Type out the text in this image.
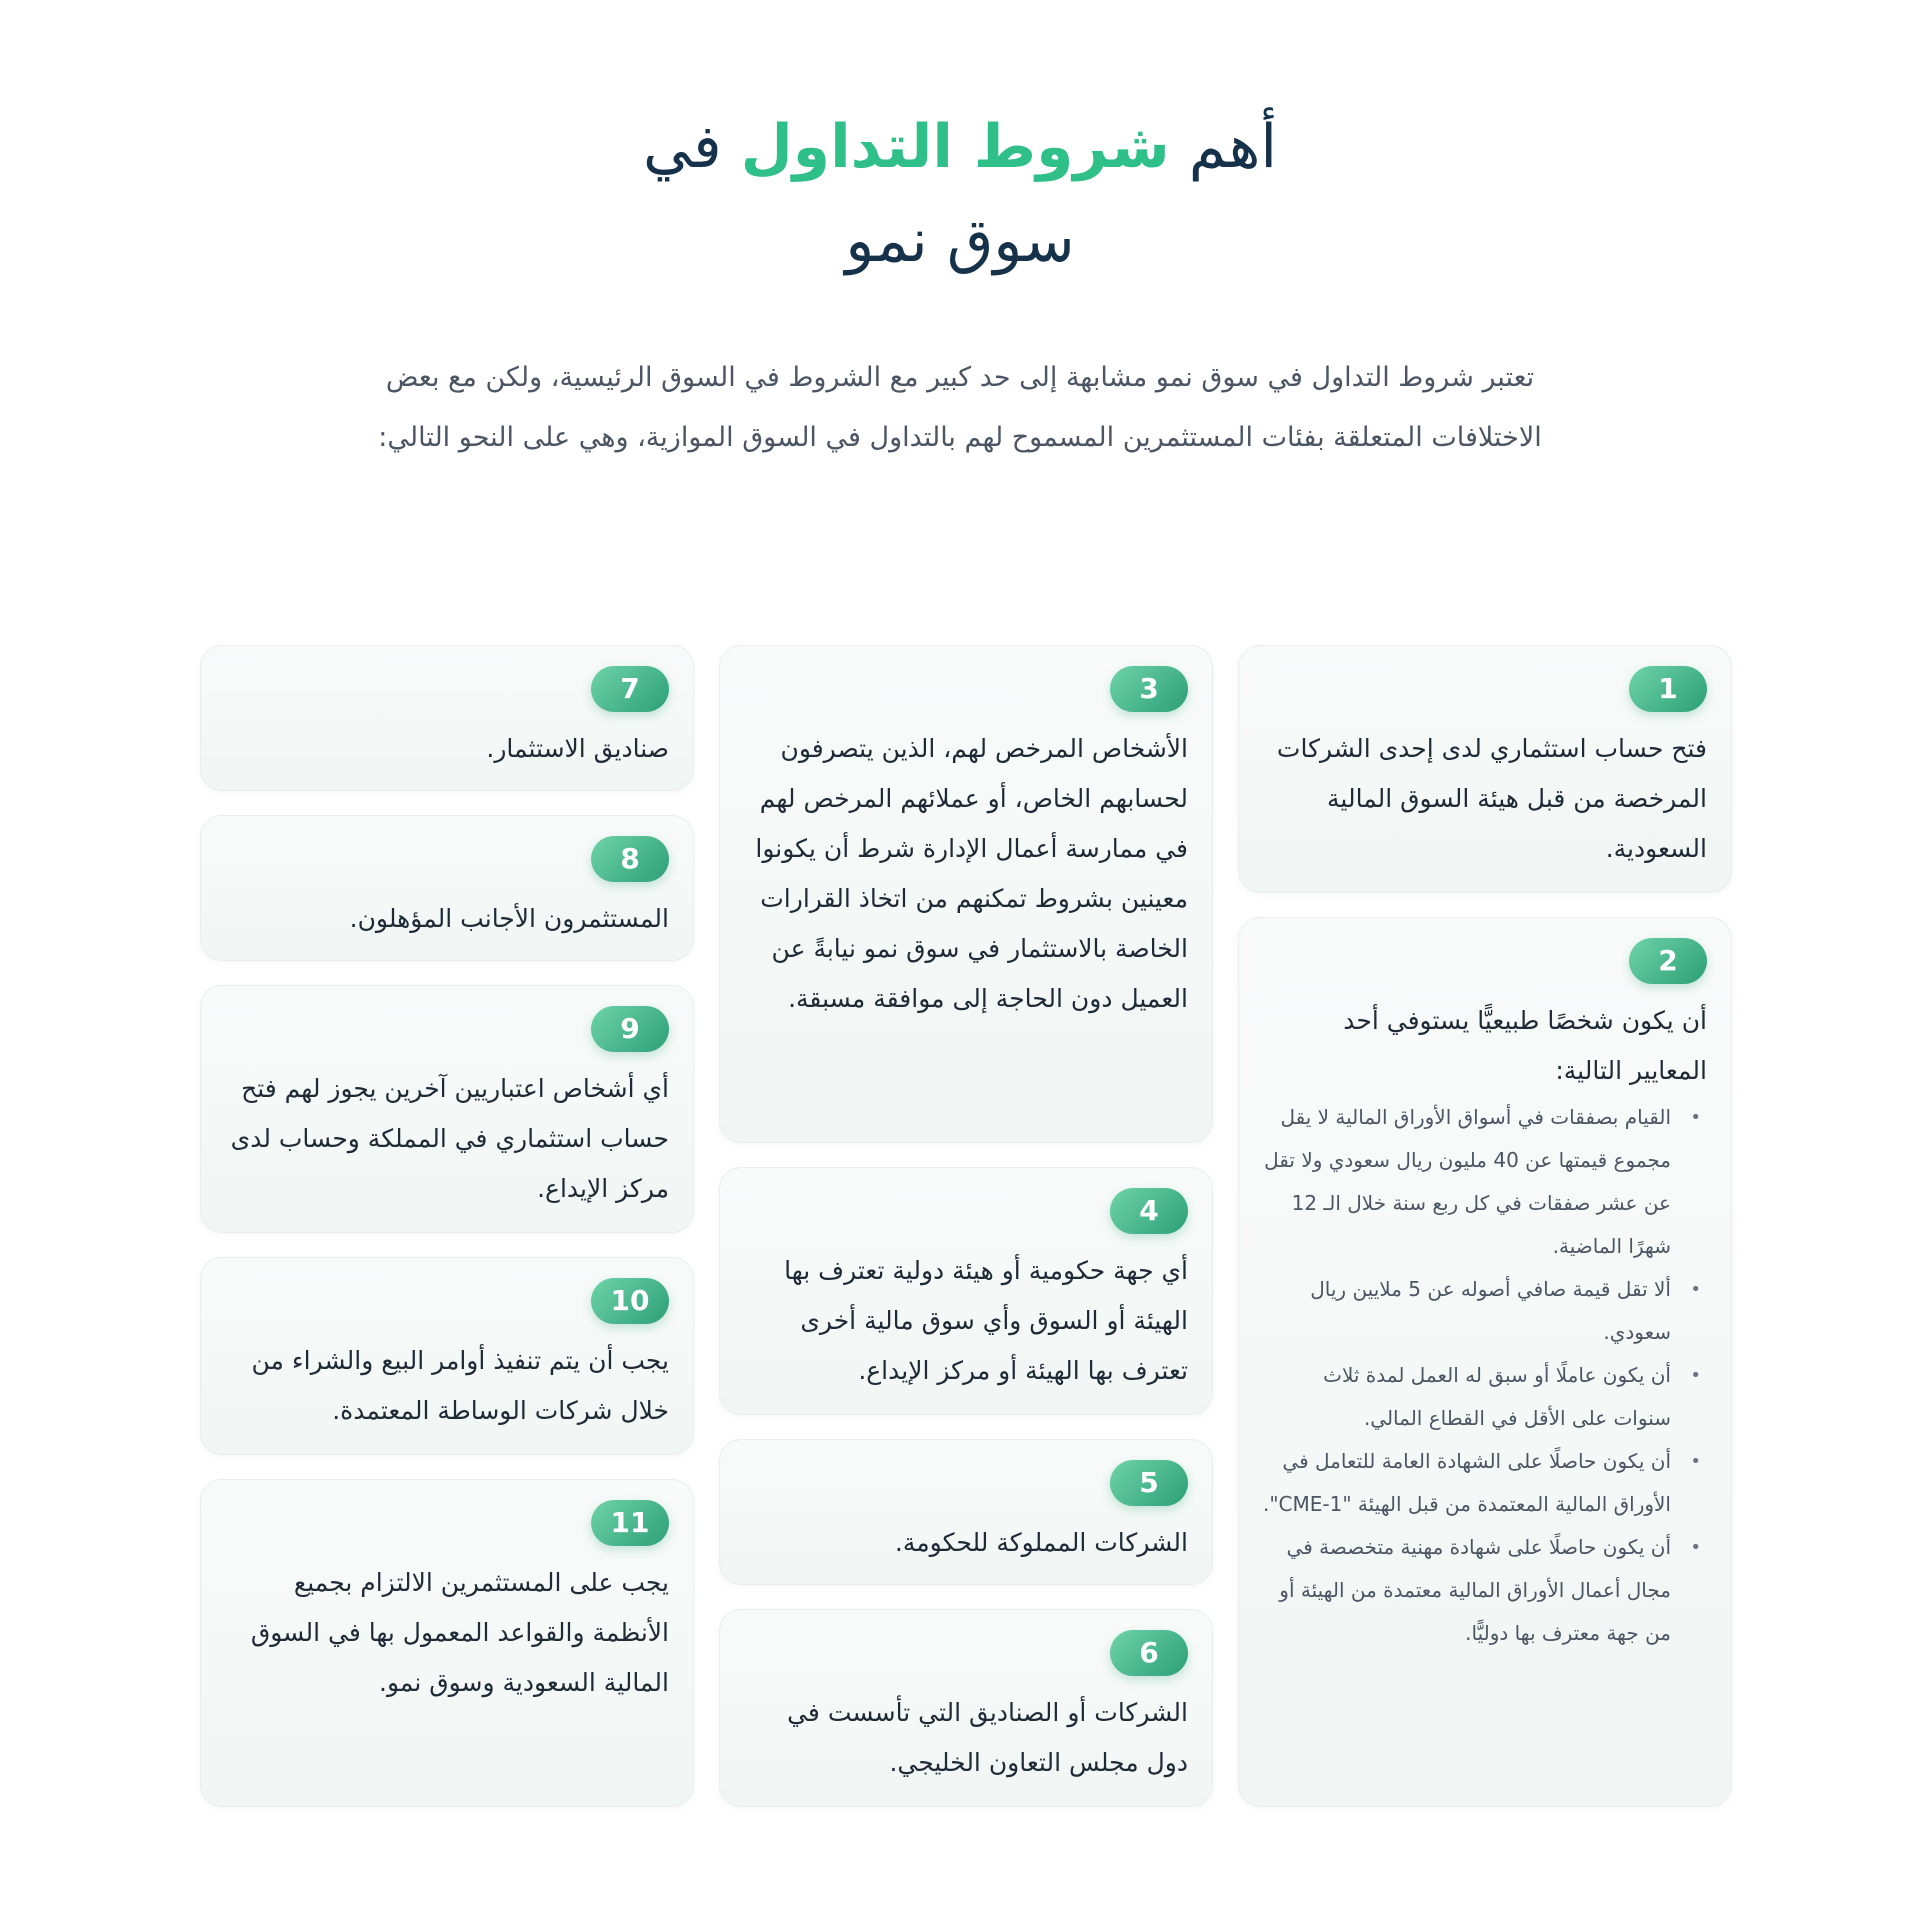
أهم شروط التداول في
سوق نمو

تعتبر شروط التداول في سوق نمو مشابهة إلى حد كبير مع الشروط في السوق الرئيسية، ولكن مع بعض الاختلافات المتعلقة بفئات المستثمرين المسموح لهم بالتداول في السوق الموازية، وهي على النحو التالي:

1

فتح حساب استثماري لدى إحدى الشركات المرخصة من قبل هيئة السوق المالية السعودية.

2

أن يكون شخصًا طبيعيًّا يستوفي أحد المعايير التالية:

• القيام بصفقات في أسواق الأوراق المالية لا يقل مجموع قيمتها عن 40 مليون ريال سعودي ولا تقل عن عشر صفقات في كل ربع سنة خلال الـ 12 شهرًا الماضية.
• ألا تقل قيمة صافي أصوله عن 5 ملايين ريال سعودي.
• أن يكون عاملًا أو سبق له العمل لمدة ثلاث سنوات على الأقل في القطاع المالي.
• أن يكون حاصلًا على الشهادة العامة للتعامل في الأوراق المالية المعتمدة من قبل الهيئة "CME-1".
• أن يكون حاصلًا على شهادة مهنية متخصصة في مجال أعمال الأوراق المالية معتمدة من الهيئة أو من جهة معترف بها دوليًّا.
3

الأشخاص المرخص لهم، الذين يتصرفون لحسابهم الخاص، أو عملائهم المرخص لهم في ممارسة أعمال الإدارة شرط أن يكونوا معينين بشروط تمكنهم من اتخاذ القرارات الخاصة بالاستثمار في سوق نمو نيابةً عن العميل دون الحاجة إلى موافقة مسبقة.

4

أي جهة حكومية أو هيئة دولية تعترف بها الهيئة أو السوق وأي سوق مالية أخرى تعترف بها الهيئة أو مركز الإيداع.

5

الشركات المملوكة للحكومة.

6

الشركات أو الصناديق التي تأسست في دول مجلس التعاون الخليجي.

7

صناديق الاستثمار.

8

المستثمرون الأجانب المؤهلون.

9

أي أشخاص اعتباريين آخرين يجوز لهم فتح حساب استثماري في المملكة وحساب لدى مركز الإيداع.

10

يجب أن يتم تنفيذ أوامر البيع والشراء من خلال شركات الوساطة المعتمدة.

11

يجب على المستثمرين الالتزام بجميع الأنظمة والقواعد المعمول بها في السوق المالية السعودية وسوق نمو.
